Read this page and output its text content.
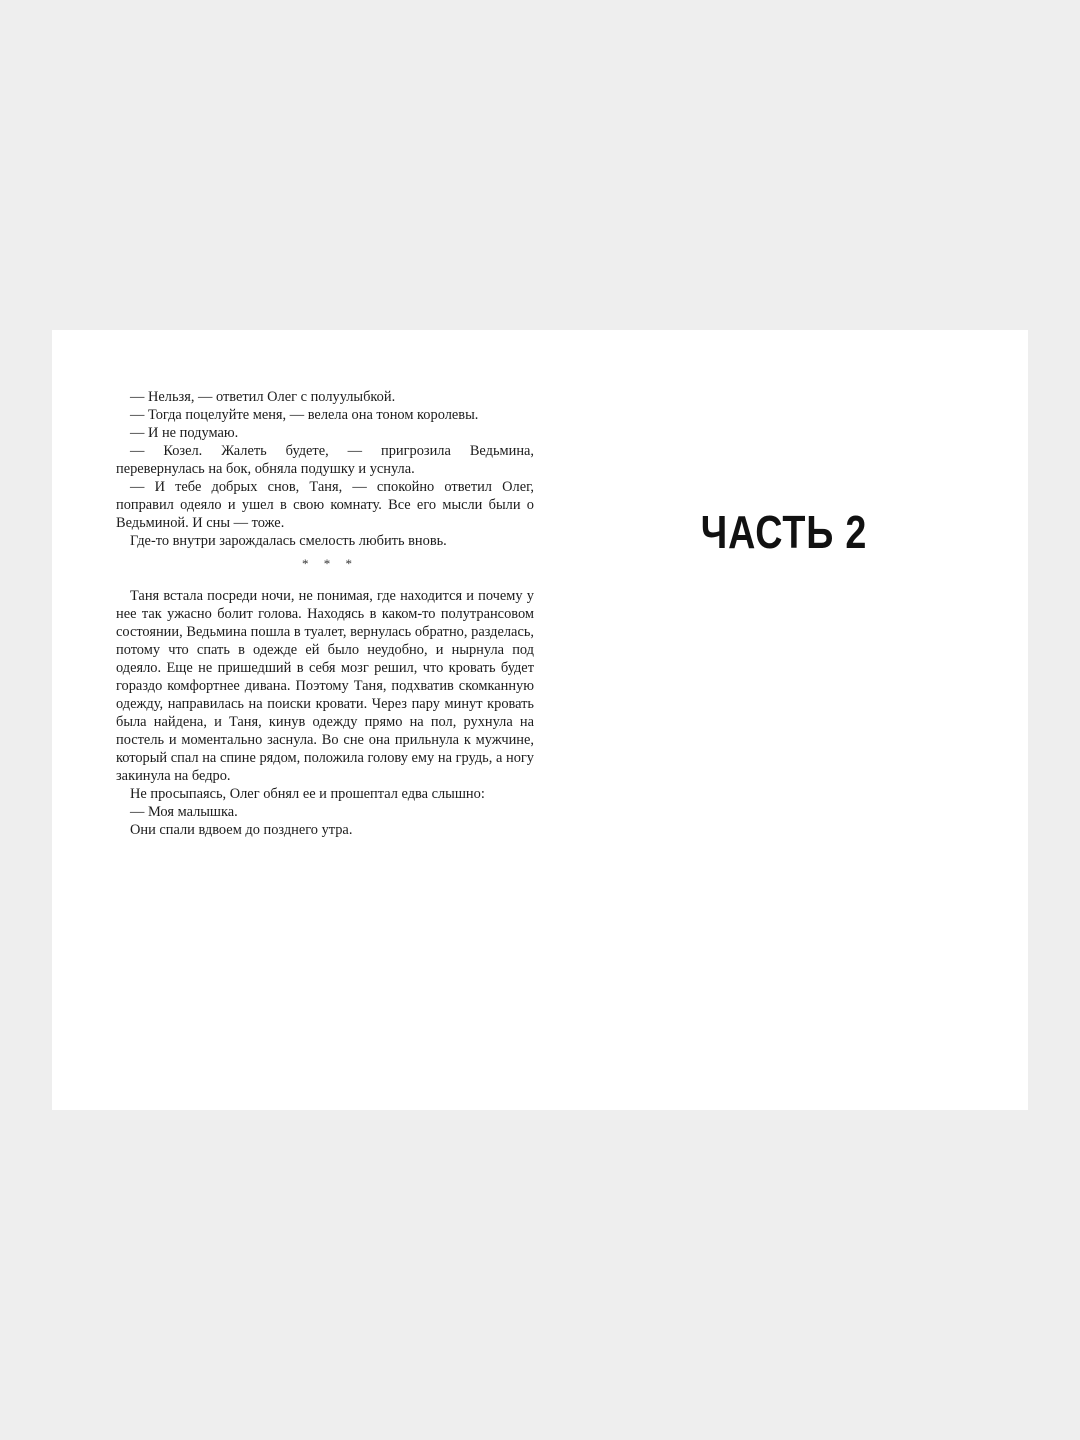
— Нельзя, — ответил Олег с полуулыбкой.

— Тогда поцелуйте меня, — велела она тоном королевы.

— И не подумаю.

— Козел. Жалеть будете, — пригрозила Ведьмина, перевернулась на бок, обняла подушку и уснула.

— И тебе добрых снов, Таня, — спокойно ответил Олег, поправил одеяло и ушел в свою комнату. Все его мысли были о Ведьминой. И сны — тоже.

Где-то внутри зарождалась смелость любить вновь.

* * *

Таня встала посреди ночи, не понимая, где находится и почему у нее так ужасно болит голова. Находясь в каком-то полутрансовом состоянии, Ведьмина пошла в туалет, вернулась обратно, разделась, потому что спать в одежде ей было неудобно, и нырнула под одеяло. Еще не пришедший в себя мозг решил, что кровать будет гораздо комфортнее дивана. Поэтому Таня, подхватив скомканную одежду, направилась на поиски кровати. Через пару минут кровать была найдена, и Таня, кинув одежду прямо на пол, рухнула на постель и моментально заснула. Во сне она прильнула к мужчине, который спал на спине рядом, положила голову ему на грудь, а ногу закинула на бедро.

Не просыпаясь, Олег обнял ее и прошептал едва слышно:

— Моя малышка.

Они спали вдвоем до позднего утра.

ЧАСТЬ 2
